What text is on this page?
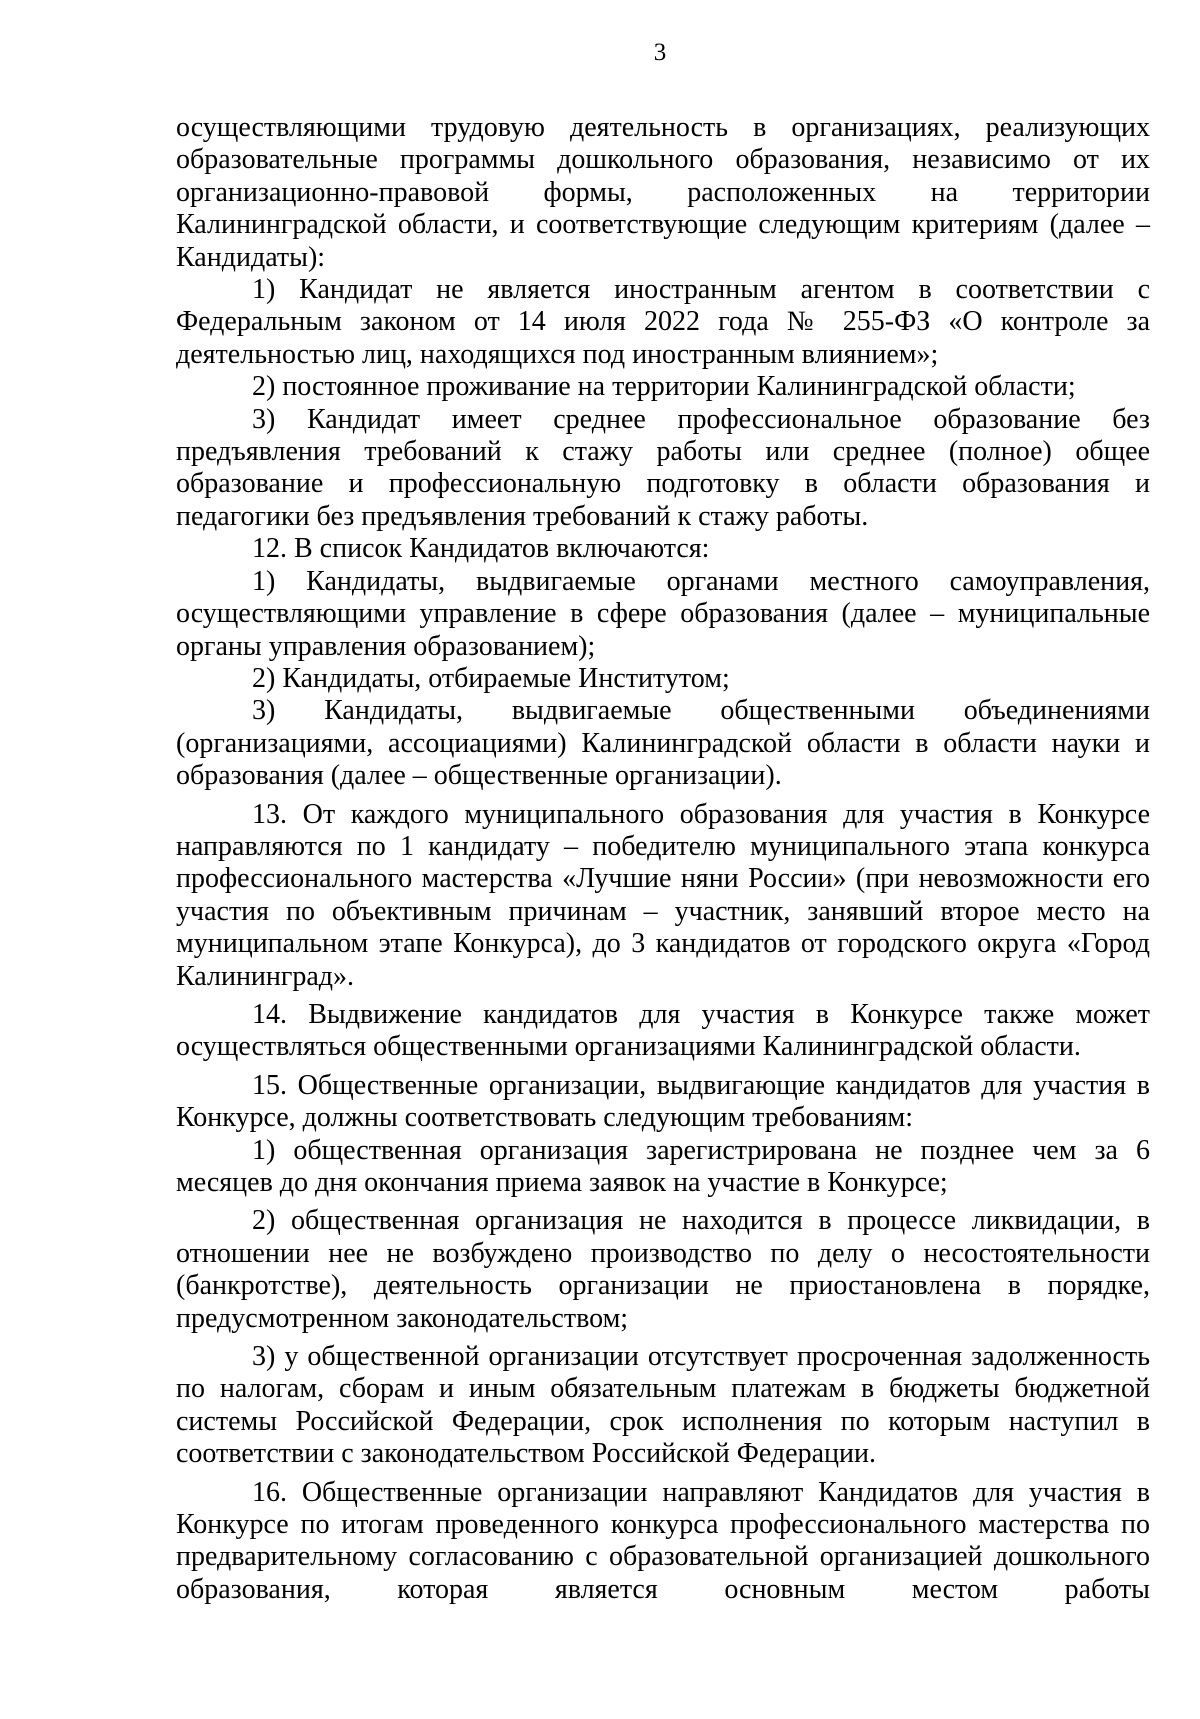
3

осуществляющими трудовую деятельность в организациях, реализующих образовательные программы дошкольного образования, независимо от их организационно-правовой формы, расположенных на территории Калининградской области, и соответствующие следующим критериям (далее – Кандидаты):

1) Кандидат не является иностранным агентом в соответствии с Федеральным законом от 14 июля 2022 года № 255-ФЗ «О контроле за деятельностью лиц, находящихся под иностранным влиянием»;

2) постоянное проживание на территории Калининградской области;

3) Кандидат имеет среднее профессиональное образование без предъявления требований к стажу работы или среднее (полное) общее образование и профессиональную подготовку в области образования и педагогики без предъявления требований к стажу работы.

12. В список Кандидатов включаются:

1) Кандидаты, выдвигаемые органами местного самоуправления, осуществляющими управление в сфере образования (далее – муниципальные органы управления образованием);

2) Кандидаты, отбираемые Институтом;

3) Кандидаты, выдвигаемые общественными объединениями (организациями, ассоциациями) Калининградской области в области науки и образования (далее – общественные организации).

13. От каждого муниципального образования для участия в Конкурсе направляются по 1 кандидату – победителю муниципального этапа конкурса профессионального мастерства «Лучшие няни России» (при невозможности его участия по объективным причинам – участник, занявший второе место на муниципальном этапе Конкурса), до 3 кандидатов от городского округа «Город Калининград».

14. Выдвижение кандидатов для участия в Конкурсе также может осуществляться общественными организациями Калининградской области.

15. Общественные организации, выдвигающие кандидатов для участия в Конкурсе, должны соответствовать следующим требованиям:

1) общественная организация зарегистрирована не позднее чем за 6 месяцев до дня окончания приема заявок на участие в Конкурсе;

2) общественная организация не находится в процессе ликвидации, в отношении нее не возбуждено производство по делу о несостоятельности (банкротстве), деятельность организации не приостановлена в порядке, предусмотренном законодательством;

3) у общественной организации отсутствует просроченная задолженность по налогам, сборам и иным обязательным платежам в бюджеты бюджетной системы Российской Федерации, срок исполнения по которым наступил в соответствии с законодательством Российской Федерации.

16. Общественные организации направляют Кандидатов для участия в Конкурсе по итогам проведенного конкурса профессионального мастерства по предварительному согласованию с образовательной организацией дошкольного образования, которая является основным местом работы
